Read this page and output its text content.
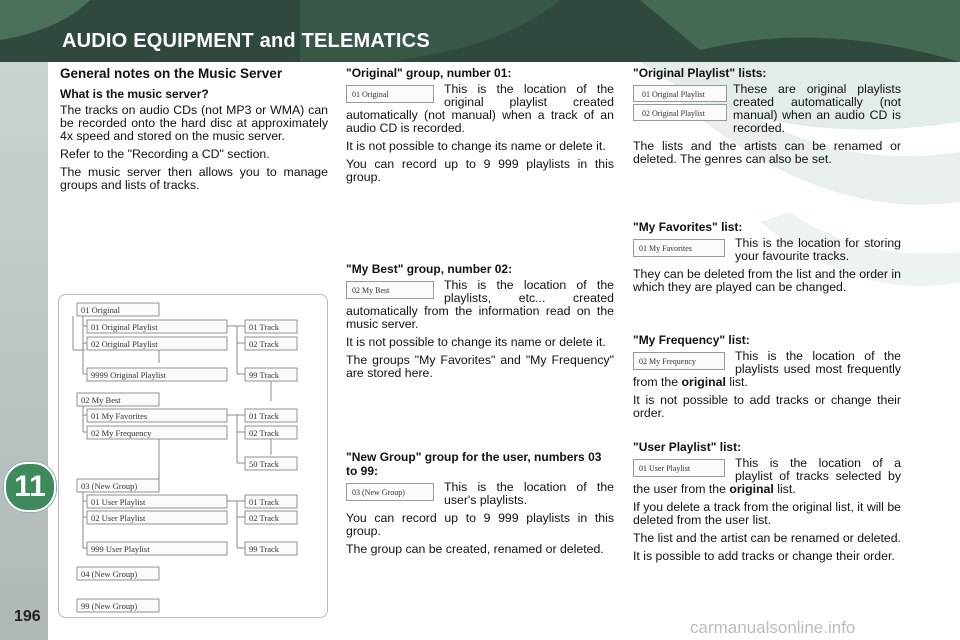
AUDIO EQUIPMENT and TELEMATICS
11
196
carmanualsonline.info
General notes on the Music Server
What is the music server?

The tracks on audio CDs (not MP3 or WMA) can be recorded onto the hard disc at approximately 4x speed and stored on the music server.

Refer to the "Recording a CD" section.

The music server then allows you to manage groups and lists of tracks.

"Original" group, number 01:
01 Original	This is the location of the original playlist created automatically (not manual) when a track of an audio CD is recorded.

It is not possible to change its name or delete it.

You can record up to 9 999 playlists in this group.

"My Best" group, number 02:
02 My Best	This is the location of the playlists, etc... created automatically from the information read on the music server.

It is not possible to change its name or delete it.

The groups "My Favorites" and "My Frequency" are stored here.

"New Group" group for the user, numbers 03 to 99:
03 (New Group)	This is the location of the user's playlists.

You can record up to 9 999 playlists in this group.

The group can be created, renamed or deleted.

"Original Playlist" lists:
01 Original Playlist
02 Original Playlist

These are original playlists created automatically (not manual) when an audio CD is recorded.

The lists and the artists can be renamed or deleted. The genres can also be set.

"My Favorites" list:
01 My Favorites	This is the location for storing your favourite tracks.

They can be deleted from the list and the order in which they are played can be changed.

"My Frequency" list:
02 My Frequency	This is the location of the playlists used most frequently from the original list.

It is not possible to add tracks or change their order.

"User Playlist" list:
01 User Playlist	This is the location of a playlist of tracks selected by the user from the original list.

If you delete a track from the original list, it will be deleted from the user list.

The list and the artist can be renamed or deleted.

It is possible to add tracks or change their order.

01 Original
01 Original Playlist
02 Original Playlist
9999 Original Playlist
02 My Best
01 My Favorites
02 My Frequency
03 (New Group)
01 User Playlist
02 User Playlist
999 User Playlist
04 (New Group)
99 (New Group)
01 Track
02 Track
99 Track
01 Track
02 Track
50 Track
01 Track
02 Track
99 Track
